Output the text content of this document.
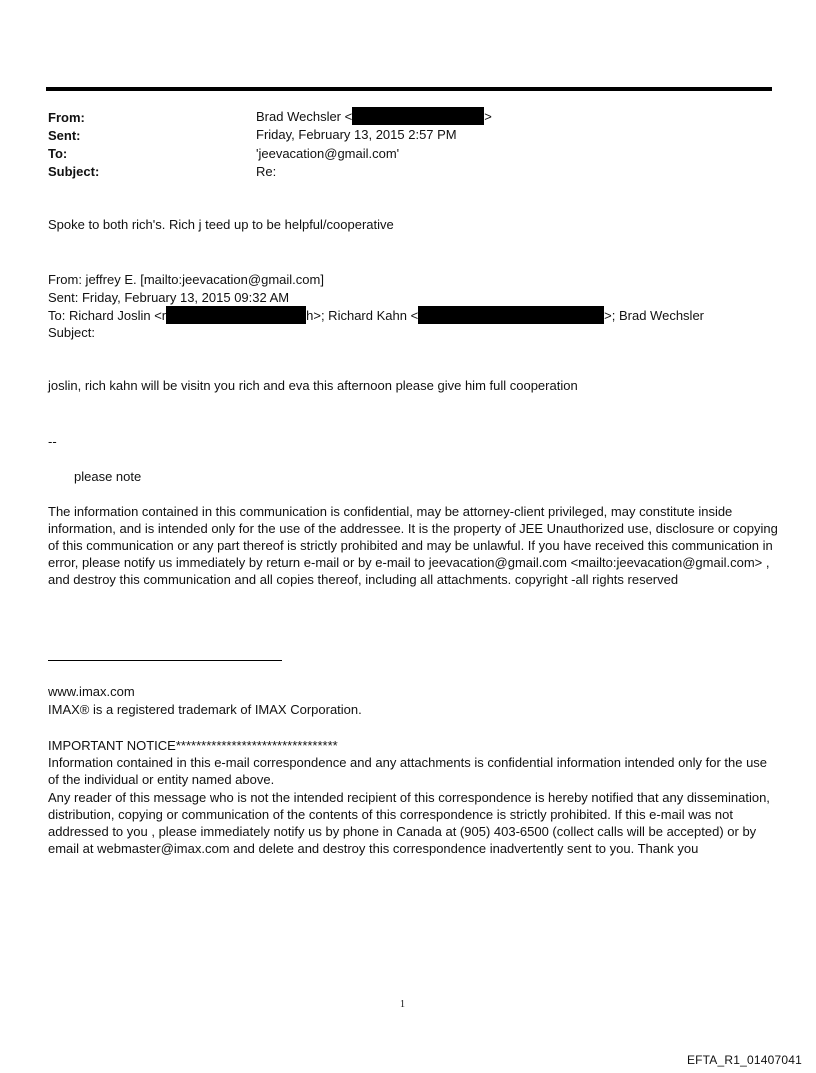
From:	Brad Wechsler <	>
Sent:	Friday, February 13, 2015 2:57 PM
To:	'jeevacation@gmail.com'
Subject:	Re:
Spoke to both rich's. Rich j teed up to be helpful/cooperative
From: jeffrey E. [mailto:jeevacation@gmail.com]
Sent: Friday, February 13, 2015 09:32 AM
To: Richard Joslin <r	h>; Richard Kahn <	>; Brad Wechsler
Subject:
joslin, rich kahn will be visitn you rich and eva this afternoon please give him full cooperation
--
please note
The information contained in this communication is confidential, may be attorney-client privileged, may constitute inside information, and is intended only for the use of the addressee. It is the property of JEE Unauthorized use, disclosure or copying of this communication or any part thereof is strictly prohibited and may be unlawful. If you have received this communication in error, please notify us immediately by return e-mail or by e-mail to jeevacation@gmail.com <mailto:jeevacation@gmail.com> , and destroy this communication and all copies thereof, including all attachments. copyright -all rights reserved
www.imax.com
IMAX® is a registered trademark of IMAX Corporation.
IMPORTANT NOTICE********************************
Information contained in this e-mail correspondence and any attachments is confidential information intended only for the use of the individual or entity named above.
Any reader of this message who is not the intended recipient of this correspondence is hereby notified that any dissemination, distribution, copying or communication of the contents of this correspondence is strictly prohibited. If this e-mail was not addressed to you , please immediately notify us by phone in Canada at (905) 403-6500 (collect calls will be accepted) or by email at webmaster@imax.com and delete and destroy this correspondence inadvertently sent to you. Thank you
1
EFTA_R1_01407041
